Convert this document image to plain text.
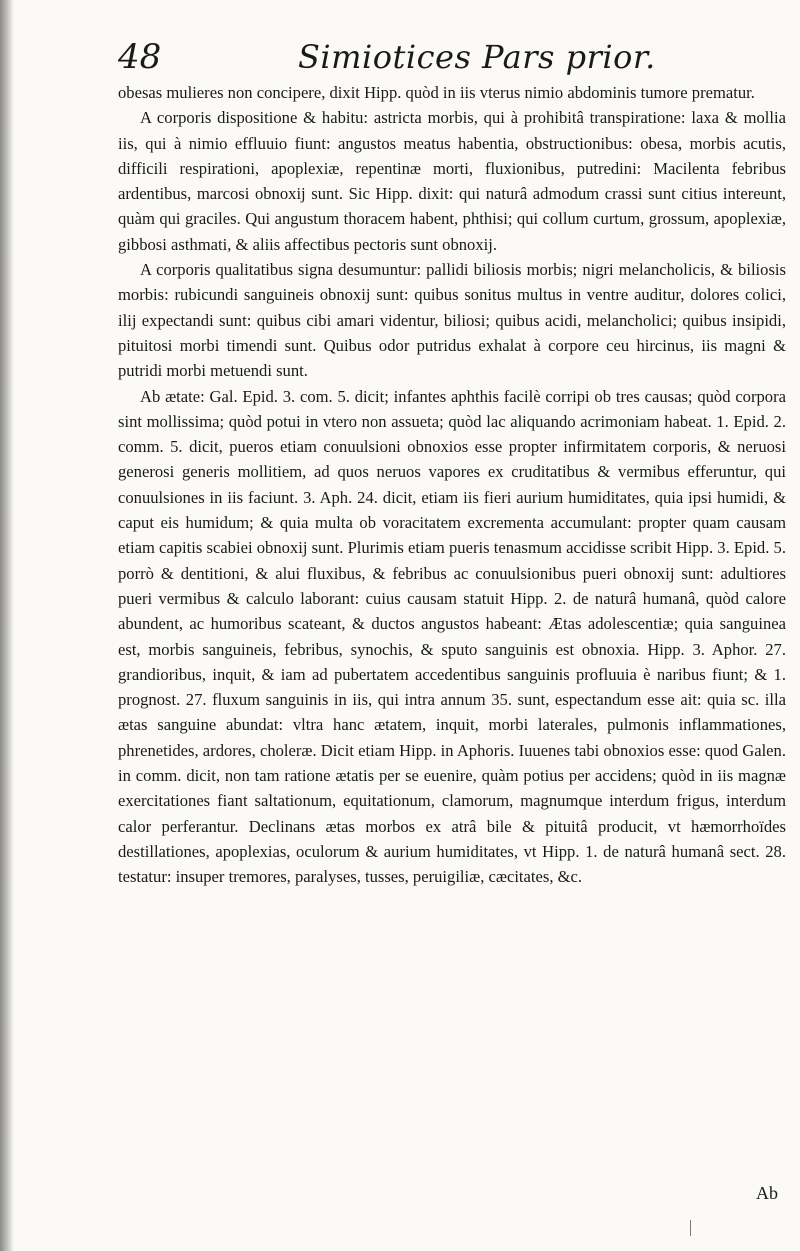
48	Simiotices Pars prior.

obesas mulieres non concipere, dixit Hipp. quòd in iis vterus nimio abdominis tumore prematur.

A corporis dispositione & habitu: astricta morbis, qui à prohibitâ transpiratione: laxa & mollia iis, qui à nimio effluuio fiunt: angustos meatus habentia, obstructionibus: obesa, morbis acutis, difficili respirationi, apoplexiæ, repentinæ morti, fluxionibus, putredini: Macilenta febribus ardentibus, marcosi obnoxij sunt. Sic Hipp. dixit: qui naturâ admodum crassi sunt citius intereunt, quàm qui graciles. Qui angustum thoracem habent, phthisi; qui collum curtum, grossum, apoplexiæ, gibbosi asthmati, & aliis affectibus pectoris sunt obnoxij.

A corporis qualitatibus signa desumuntur: pallidi biliosis morbis; nigri melancholicis, & biliosis morbis: rubicundi sanguineis obnoxij sunt: quibus sonitus multus in ventre auditur, dolores colici, ilij expectandi sunt: quibus cibi amari videntur, biliosi; quibus acidi, melancholici; quibus insipidi, pituitosi morbi timendi sunt. Quibus odor putridus exhalat à corpore ceu hircinus, iis magni & putridi morbi metuendi sunt.

Ab ætate: Gal. Epid. 3. com. 5. dicit; infantes aphthis facilè corripi ob tres causas; quòd corpora sint mollissima; quòd potui in vtero non assueta; quòd lac aliquando acrimoniam habeat. 1. Epid. 2. comm. 5. dicit, pueros etiam conuulsioni obnoxios esse propter infirmitatem corporis, & neruosi generosi generis mollitiem, ad quos neruos vapores ex cruditatibus & vermibus efferuntur, qui conuulsiones in iis faciunt. 3. Aph. 24. dicit, etiam iis fieri aurium humiditates, quia ipsi humidi, & caput eis humidum; & quia multa ob voracitatem excrementa accumulant: propter quam causam etiam capitis scabiei obnoxij sunt. Plurimis etiam pueris tenasmum accidisse scribit Hipp. 3. Epid. 5. porrò & dentitioni, & alui fluxibus, & febribus ac conuulsionibus pueri obnoxij sunt: adultiores pueri vermibus & calculo laborant: cuius causam statuit Hipp. 2. de naturâ humanâ, quòd calore abundent, ac humoribus scateant, & ductos angustos habeant: Ætas adolescentiæ; quia sanguinea est, morbis sanguineis, febribus, synochis, & sputo sanguinis est obnoxia. Hipp. 3. Aphor. 27. grandioribus, inquit, & iam ad pubertatem accedentibus sanguinis profluuia è naribus fiunt; & 1. prognost. 27. fluxum sanguinis in iis, qui intra annum 35. sunt, espectandum esse ait: quia sc. illa ætas sanguine abundat: vltra hanc ætatem, inquit, morbi laterales, pulmonis inflammationes, phrenetides, ardores, choleræ. Dicit etiam Hipp. in Aphoris. Iuuenes tabi obnoxios esse: quod Galen. in comm. dicit, non tam ratione ætatis per se euenire, quàm potius per accidens; quòd in iis magnæ exercitationes fiant saltationum, equitationum, clamorum, magnumque interdum frigus, interdum calor perferantur. Declinans ætas morbos ex atrâ bile & pituitâ producit, vt hæmorrhoïdes destillationes, apoplexias, oculorum & aurium humiditates, vt Hipp. 1. de naturâ humanâ sect. 28. testatur: insuper tremores, paralyses, tusses, peruigiliæ, cæcitates, &c.

Ab
